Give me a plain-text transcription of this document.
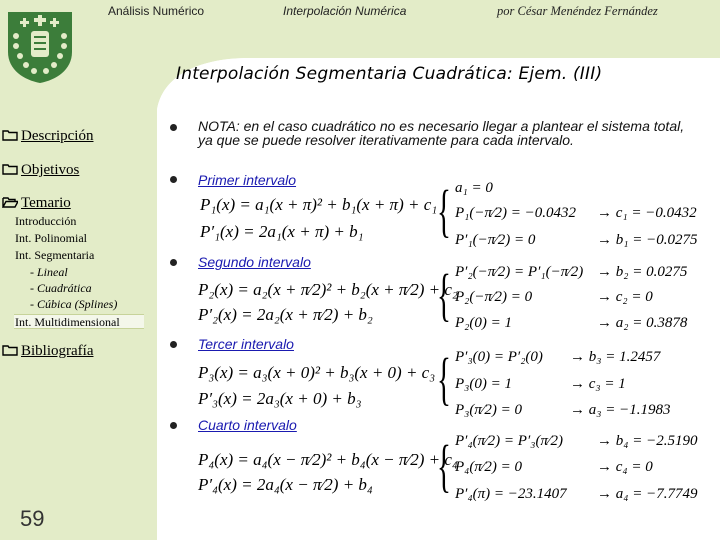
Análisis Numérico	Interpolación Numérica	por César Menéndez Fernández
Interpolación Segmentaria Cuadrática: Ejem. (III)
Descripción
Objetivos
Temario
Introducción
Int. Polinomial
Int. Segmentaria
- Lineal
- Cuadrática
- Cúbica (Splines)
Int. Multidimensional
Bibliografía
59
NOTA: en el caso cuadrático no es necesario llegar a plantear el sistema total, ya que se puede resolver iterativamente para cada intervalo.
Primer intervalo
P₁(x) = a₁(x + π)² + b₁(x + π) + c₁
P′₁(x) = 2a₁(x + π) + b₁ { a₁ = 0
P₁(−π⁄2) = −0.0432
P′₁(−π⁄2) = 0
→ c₁ = −0.0432
→ b₁ = −0.0275
Segundo intervalo
P₂(x) = a₂(x + π⁄2)² + b₂(x + π⁄2) + c₂
P′₂(x) = 2a₂(x + π⁄2) + b₂ { P′₂(−π⁄2) = P′₁(−π⁄2)
P₂(−π⁄2) = 0
P₂(0) = 1
→ b₂ = 0.0275
→ c₂ = 0
→ a₂ = 0.3878
Tercer intervalo
P₃(x) = a₃(x + 0)² + b₃(x + 0) + c₃
P′₃(x) = 2a₃(x + 0) + b₃ { P′₃(0) = P′₂(0)
P₃(0) = 1
P₃(π⁄2) = 0
→ b₃ = 1.2457
→ c₃ = 1
→ a₃ = −1.1983
Cuarto intervalo
P₄(x) = a₄(x − π⁄2)² + b₄(x − π⁄2) + c₄
P′₄(x) = 2a₄(x − π⁄2) + b₄ { P′₄(π⁄2) = P′₃(π⁄2)
P₄(π⁄2) = 0
P′₄(π) = −23.1407
→ b₄ = −2.5190
→ c₄ = 0
→ a₄ = −7.7749
